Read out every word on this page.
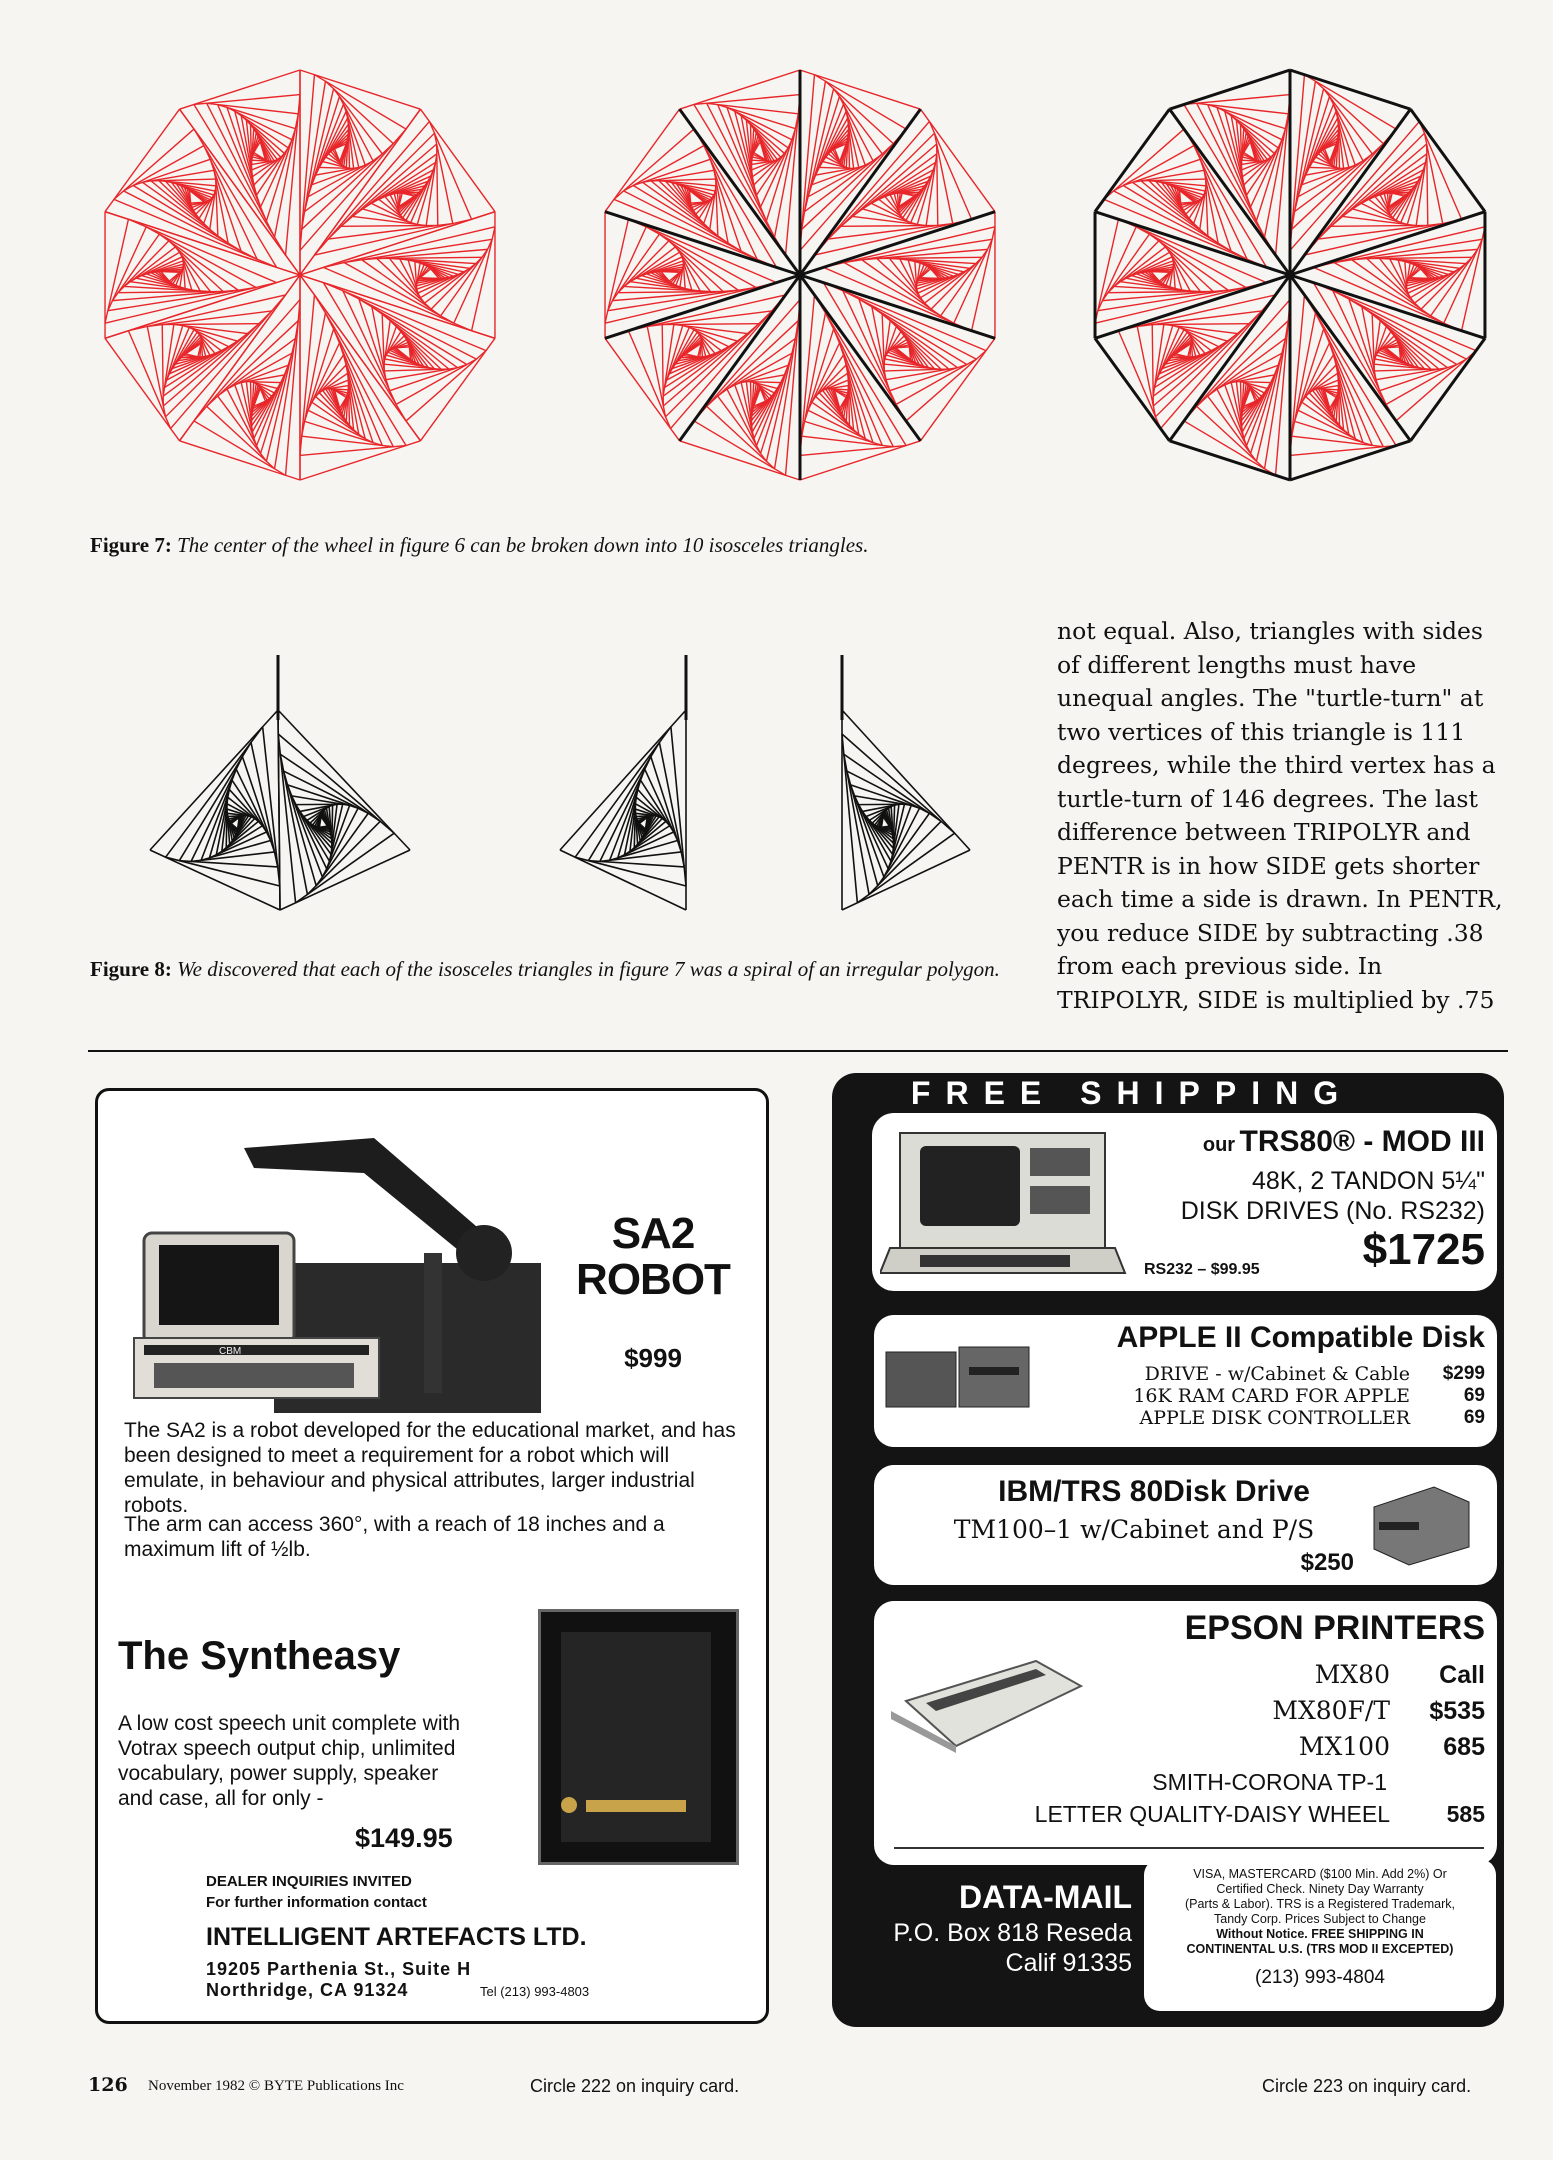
Figure 7: The center of the wheel in figure 6 can be broken down into 10 isosceles triangles.
Figure 8: We discovered that each of the isosceles triangles in figure 7 was a spiral of an irregular polygon.
not equal. Also, triangles with sides
of different lengths must have
unequal angles. The "turtle-turn" at
two vertices of this triangle is 111
degrees, while the third vertex has a
turtle-turn of 146 degrees. The last
difference between TRIPOLYR and
PENTR is in how SIDE gets shorter
each time a side is drawn. In PENTR,
you reduce SIDE by subtracting .38
from each previous side. In
TRIPOLYR, SIDE is multiplied by .75
CBM
SA2
ROBOT
$999
The SA2 is a robot developed for the educational market, and has been designed to meet a requirement for a robot which will emulate, in behaviour and physical attributes, larger industrial robots.
The arm can access 360°, with a reach of 18 inches and a maximum lift of ½lb.
The Syntheasy
A low cost speech unit complete with Votrax speech output chip, unlimited vocabulary, power supply, speaker and case, all for only -
$149.95
DEALER INQUIRIES INVITED
For further information contact
INTELLIGENT ARTEFACTS LTD.
19205 Parthenia St., Suite H
Northridge, CA 91324	Tel (213) 993-4803
FREE SHIPPING
our TRS80® - MOD III
48K, 2 TANDON 5¼"
DISK DRIVES (No. RS232)
$1725
RS232 – $99.95
APPLE II Compatible Disk
DRIVE - w/Cabinet & Cable	$299
16K RAM CARD FOR APPLE	69
APPLE DISK CONTROLLER	69
IBM/TRS 80Disk Drive
TM100–1 w/Cabinet and P/S
$250
EPSON PRINTERS
MX80	Call
MX80F/T	$535
MX100	685
SMITH-CORONA TP-1
LETTER QUALITY-DAISY WHEEL	585
DATA-MAIL
P.O. Box 818 Reseda
Calif 91335
VISA, MASTERCARD ($100 Min. Add 2%) Or
Certified Check. Ninety Day Warranty
(Parts & Labor). TRS is a Registered Trademark,
Tandy Corp. Prices Subject to Change
Without Notice. FREE SHIPPING IN
CONTINENTAL U.S. (TRS MOD II EXCEPTED)
(213) 993-4804
126 November 1982 © BYTE Publications Inc	Circle 222 on inquiry card.	Circle 223 on inquiry card.
